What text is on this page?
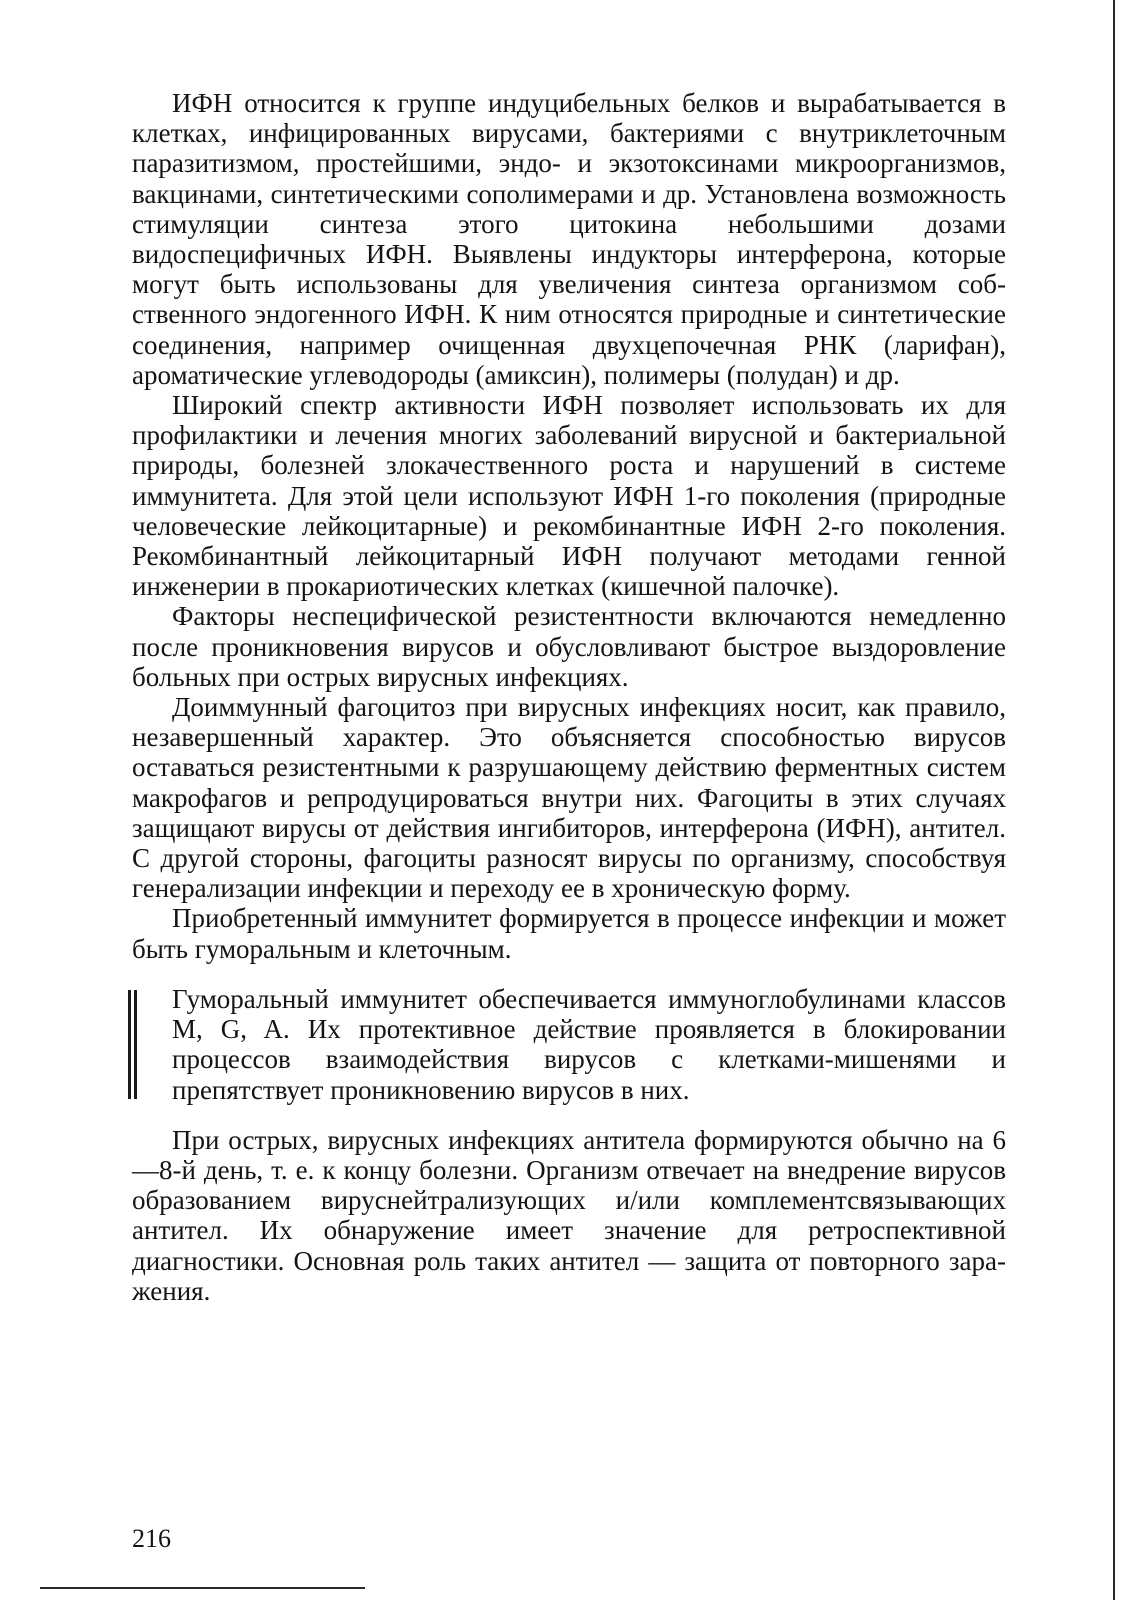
ИФН относится к группе индуцибельных белков и вырабатывается в клетках, инфицированных вирусами, бактериями с внутриклеточным паразитизмом, простейшими, эндо- и экзотоксинами микроорганизмов, вакцинами, синтетическими сополимерами и др. Установлена возможность стимуляции синтеза этого цитокина небольшими дозами видоспецифичных ИФН. Выявлены индукторы интерферона, которые могут быть использованы для увеличения синтеза организмом собственного эндогенного ИФН. К ним относятся природные и синтетические соединения, например очищенная двухцепочечная РНК (ларифан), ароматические углеводороды (амиксин), полимеры (полудан) и др.

Широкий спектр активности ИФН позволяет использовать их для профилактики и лечения многих заболеваний вирусной и бактериальной природы, болезней злокачественного роста и нарушений в системе иммунитета. Для этой цели используют ИФН 1-го поколения (природные человеческие лейкоцитарные) и рекомбинантные ИФН 2-го поколения. Рекомбинантный лейкоцитарный ИФН получают методами генной инженерии в прокариотических клетках (кишечной палочке).

Факторы неспецифической резистентности включаются немедленно после проникновения вирусов и обусловливают быстрое выздоровление больных при острых вирусных инфекциях.

Доиммунный фагоцитоз при вирусных инфекциях носит, как правило, незавершенный характер. Это объясняется способностью вирусов оставаться резистентными к разрушающему действию ферментных систем макрофагов и репродуцироваться внутри них. Фагоциты в этих случаях защищают вирусы от действия ингибиторов, интерферона (ИФН), антител. С другой стороны, фагоциты разносят вирусы по организму, способствуя генерализации инфекции и переходу ее в хроническую форму.

Приобретенный иммунитет формируется в процессе инфекции и может быть гуморальным и клеточным.

Гуморальный иммунитет обеспечивается иммуноглобулинами классов M, G, A. Их протективное действие проявляется в блокировании процессов взаимодействия вирусов с клетками-мишенями и препятствует проникновению вирусов в них.

При острых, вирусных инфекциях антитела формируются обычно на 6—8-й день, т. е. к концу болезни. Организм отвечает на внедрение вирусов образованием вируснейтрализующих и/или комплементсвязывающих антител. Их обнаружение имеет значение для ретроспективной диагностики. Основная роль таких антител — защита от повторного заражения.

216
